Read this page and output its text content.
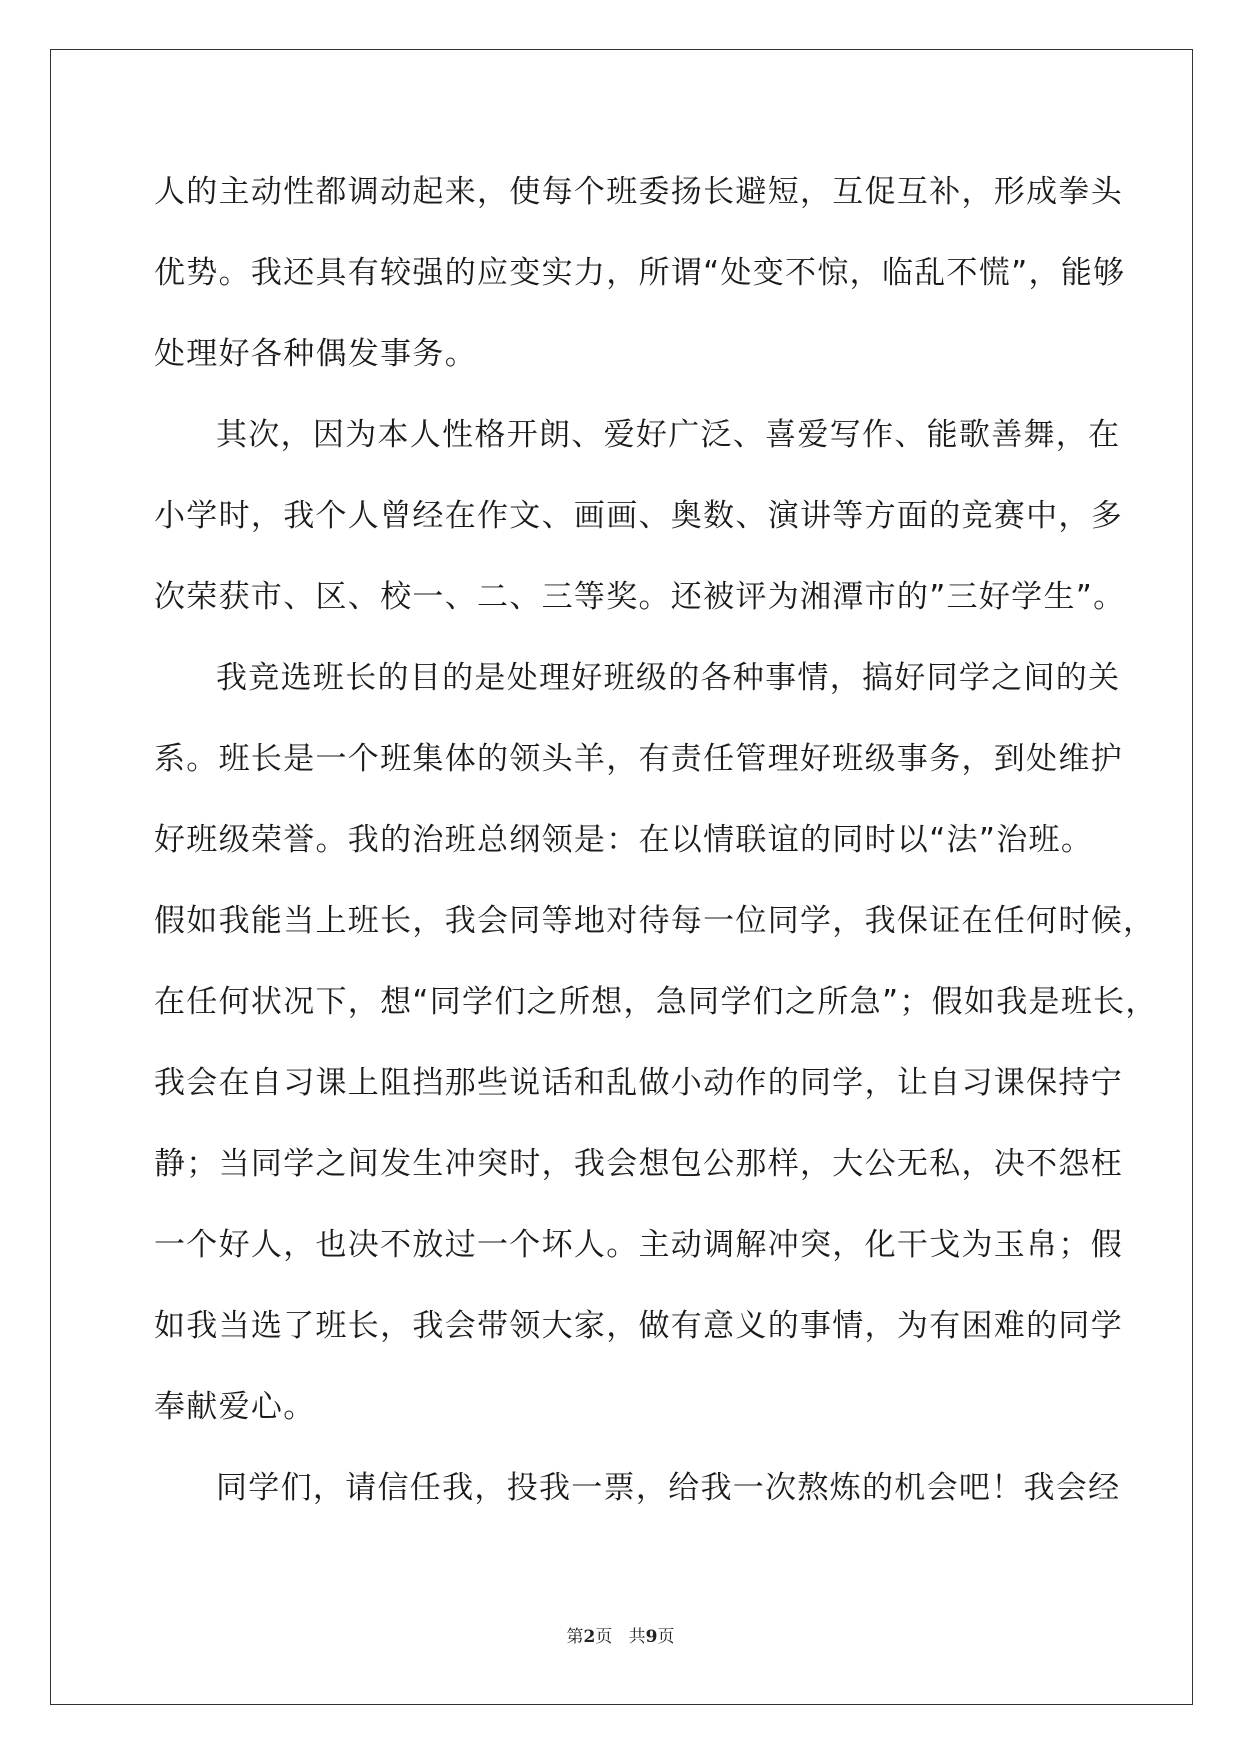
人的主动性都调动起来，使每个班委扬长避短，互促互补，形成拳头
优势。我还具有较强的应变实力，所谓“处变不惊，临乱不慌”，能够
处理好各种偶发事务。
其次，因为本人性格开朗、爱好广泛、喜爱写作、能歌善舞，在
小学时，我个人曾经在作文、画画、奥数、演讲等方面的竞赛中，多
次荣获市、区、校一、二、三等奖。还被评为湘潭市的”三好学生”。
我竞选班长的目的是处理好班级的各种事情，搞好同学之间的关
系。班长是一个班集体的领头羊，有责任管理好班级事务，到处维护
好班级荣誉。我的治班总纲领是：在以情联谊的同时以“法”治班。
假如我能当上班长，我会同等地对待每一位同学，我保证在任何时候，
在任何状况下，想“同学们之所想，急同学们之所急”；假如我是班长，
我会在自习课上阻挡那些说话和乱做小动作的同学，让自习课保持宁
静；当同学之间发生冲突时，我会想包公那样，大公无私，决不怨枉
一个好人，也决不放过一个坏人。主动调解冲突，化干戈为玉帛；假
如我当选了班长，我会带领大家，做有意义的事情，为有困难的同学
奉献爱心。
同学们，请信任我，投我一票，给我一次熬炼的机会吧！我会经
第2页   共9页
